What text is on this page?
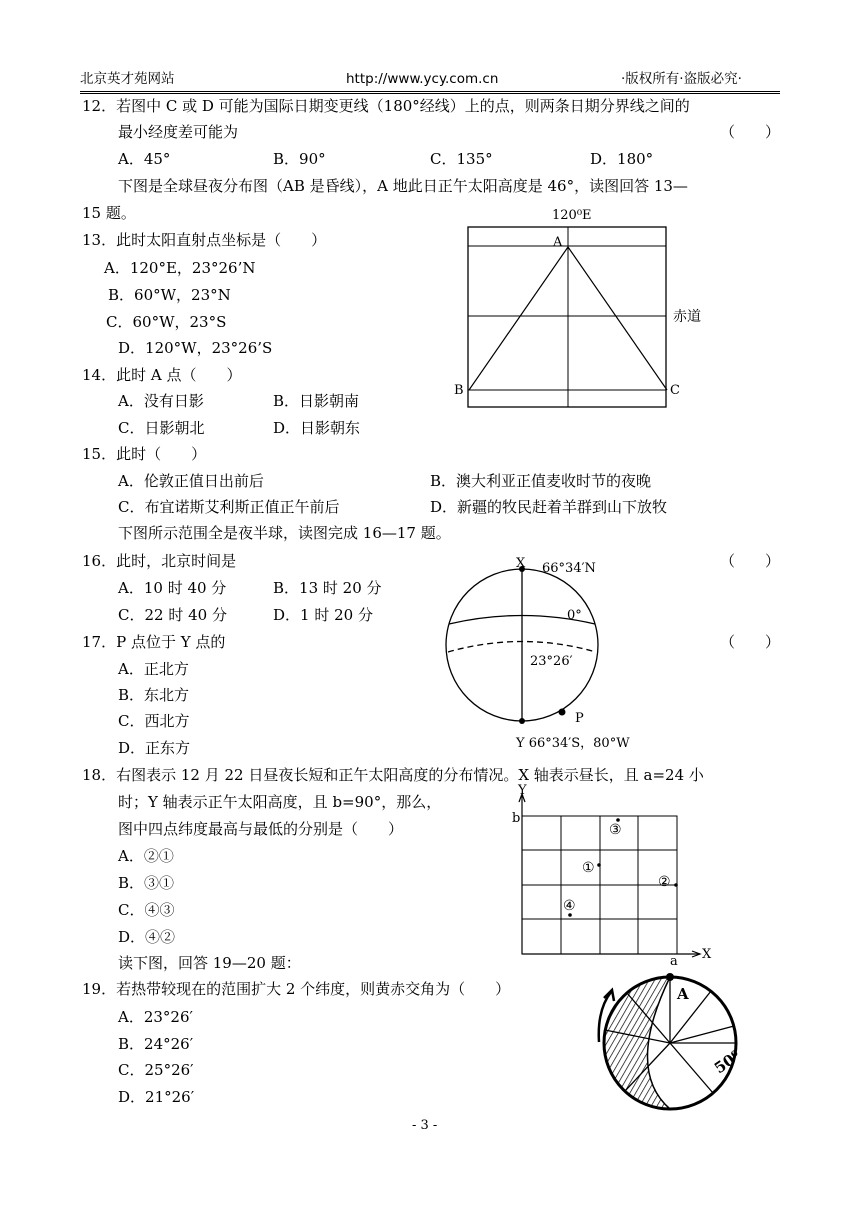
北京英才苑网站	http://www.ycy.com.cn	·版权所有·盗版必究·
12．若图中 C 或 D 可能为国际日期变更线（180°经线）上的点，则两条日期分界线之间的
最小经度差可能为	（　　）
A．45°	B．90°	C．135°	D．180°
下图是全球昼夜分布图（AB 是昏线），A 地此日正午太阳高度是 46°，读图回答 13—
15 题。	120⁰E
A
B	C
赤道
13．此时太阳直射点坐标是（　　）
A．120°E，23°26’N
B．60°W，23°N
C．60°W，23°S
D．120°W，23°26’S
14．此时 A 点（　　）
A．没有日影	B．日影朝南
C．日影朝北	D．日影朝东
15．此时（　　）
A．伦敦正值日出前后	B．澳大利亚正值麦收时节的夜晚
C．布宜诺斯艾利斯正值正午前后	D．新疆的牧民赶着羊群到山下放牧
下图所示范围全是夜半球，读图完成 16—17 题。
16．此时，北京时间是	（　　）
A．10 时 40 分	B．13 时 20 分
C．22 时 40 分	D．1 时 20 分
X 66°34′N
0°
23°26′
P
Y 66°34′S，80°W
17．P 点位于 Y 点的	（　　）
A．正北方
B．东北方
C．西北方
D．正东方
18．右图表示 12 月 22 日昼夜长短和正午太阳高度的分布情况。X 轴表示昼长，且 a=24 小
时；Y 轴表示正午太阳高度，且 b=90°，那么，
图中四点纬度最高与最低的分别是（　　）
A．②①
B．③①
C．④③
D．④②
Y
b
X
a
③
①
②
④
读下图，回答 19—20 题：
19．若热带较现在的范围扩大 2 个纬度，则黄赤交角为（　　）
A．23°26′
B．24°26′
C．25°26′
D．21°26′
A
50⁰
- 3 -
